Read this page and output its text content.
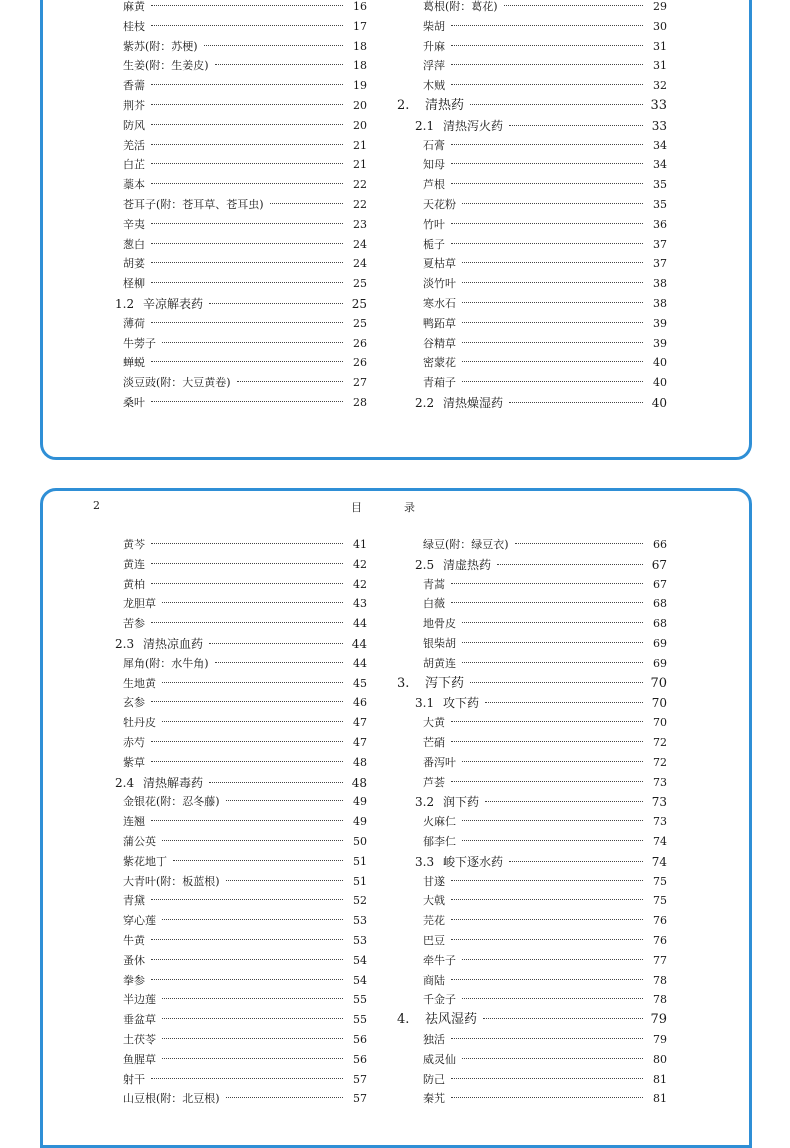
麻黄	16
桂枝	17
紫苏(附：苏梗)	18
生姜(附：生姜皮)	18
香薷	19
荆芥	20
防风	20
羌活	21
白芷	21
藁本	22
苍耳子(附：苍耳草、苍耳虫)	22
辛夷	23
葱白	24
胡荽	24
柽柳	25
1.2 辛凉解表药	25
薄荷	25
牛蒡子	26
蝉蜕	26
淡豆豉(附：大豆黄卷)	27
桑叶	28
葛根(附：葛花)	29
柴胡	30
升麻	31
浮萍	31
木贼	32
2.	清热药	33
2.1 清热泻火药	33
石膏	34
知母	34
芦根	35
天花粉	35
竹叶	36
栀子	37
夏枯草	37
淡竹叶	38
寒水石	38
鸭跖草	39
谷精草	39
密蒙花	40
青葙子	40
2.2 清热燥湿药	40
2	目录
黄芩	41
黄连	42
黄柏	42
龙胆草	43
苦参	44
2.3 清热凉血药	44
犀角(附：水牛角)	44
生地黄	45
玄参	46
牡丹皮	47
赤芍	47
紫草	48
2.4 清热解毒药	48
金银花(附：忍冬藤)	49
连翘	49
蒲公英	50
紫花地丁	51
大青叶(附：板蓝根)	51
青黛	52
穿心莲	53
牛黄	53
蚤休	54
拳参	54
半边莲	55
垂盆草	55
土茯苓	56
鱼腥草	56
射干	57
山豆根(附：北豆根)	57
绿豆(附：绿豆衣)	66
2.5 清虚热药	67
青蒿	67
白薇	68
地骨皮	68
银柴胡	69
胡黄连	69
3.	泻下药	70
3.1 攻下药	70
大黄	70
芒硝	72
番泻叶	72
芦荟	73
3.2 润下药	73
火麻仁	73
郁李仁	74
3.3 峻下逐水药	74
甘遂	75
大戟	75
芫花	76
巴豆	76
牵牛子	77
商陆	78
千金子	78
4.	祛风湿药	79
独活	79
威灵仙	80
防己	81
秦艽	81
